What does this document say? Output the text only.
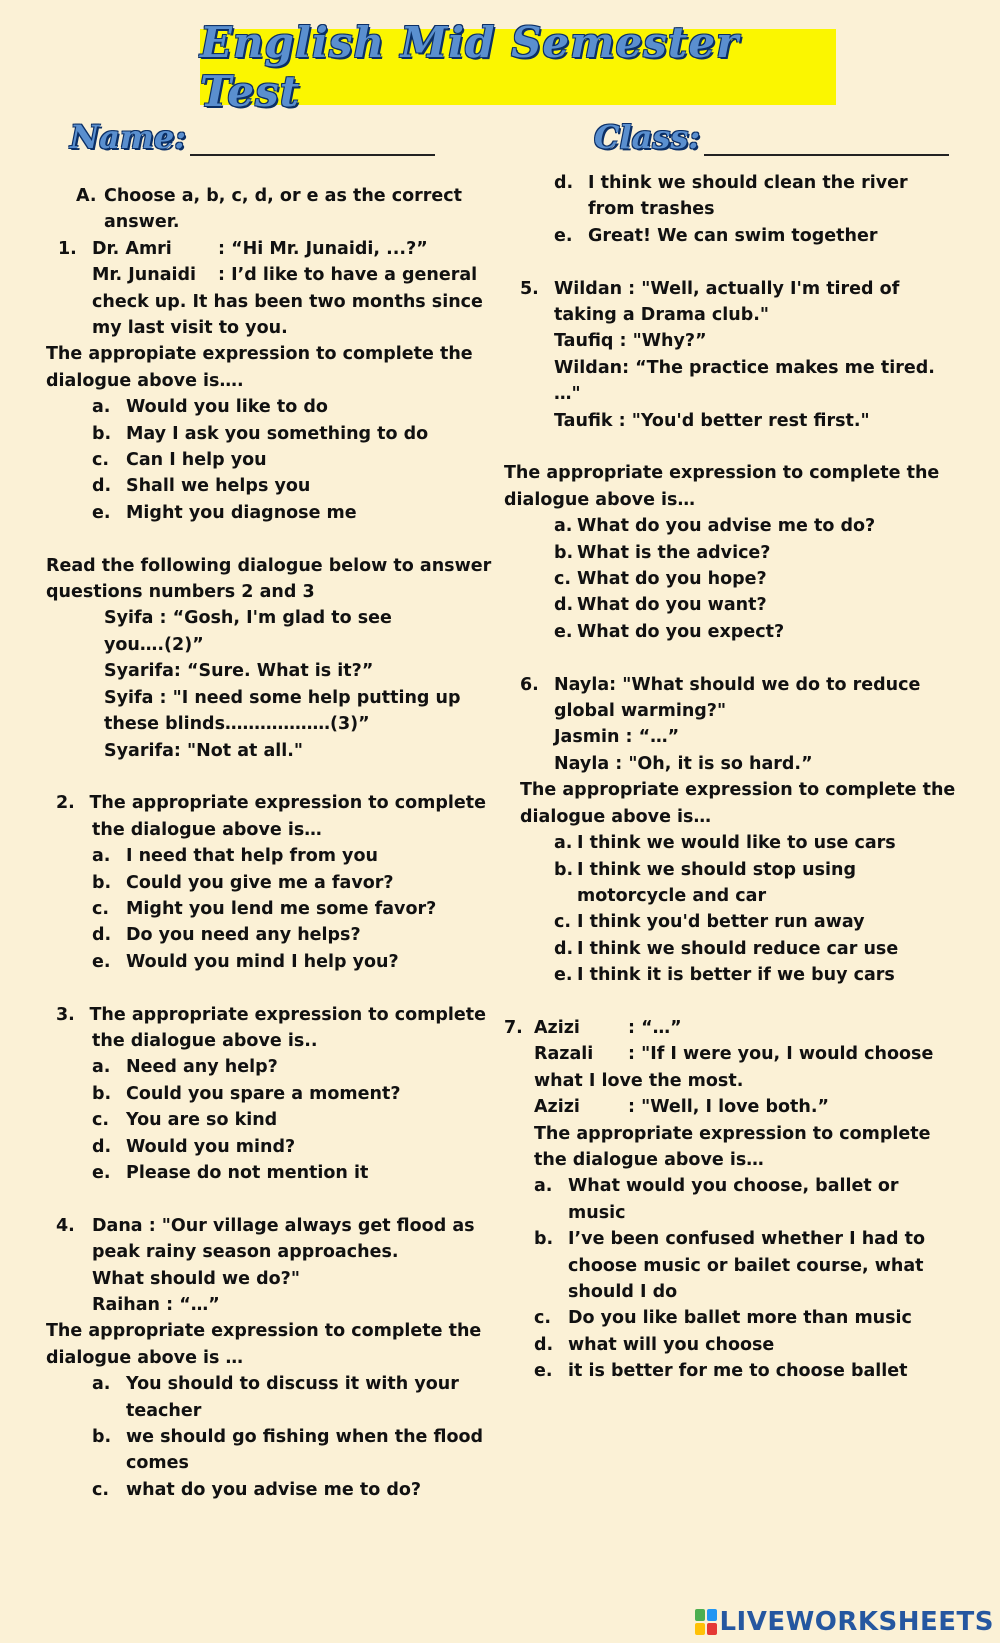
English Mid Semester Test
Name:	Class:
A. Choose a, b, c, d, or e as the correct
answer.
1. Dr. Amri	: “Hi Mr. Junaidi, ...?”
Mr. Junaidi	: I’d like to have a general
check up. It has been two months since
my last visit to you.
The appropiate expression to complete the
dialogue above is….
a. Would you like to do
b. May I ask you something to do
c. Can I help you
d. Shall we helps you
e. Might you diagnose me
Read the following dialogue below to answer
questions numbers 2 and 3
Syifa : “Gosh, I'm glad to see
you….(2)”
Syarifa: “Sure. What is it?”
Syifa : "I need some help putting up
these blinds………………(3)”
Syarifa: "Not at all."
2. The appropriate expression to complete
the dialogue above is…
a. I need that help from you
b. Could you give me a favor?
c. Might you lend me some favor?
d. Do you need any helps?
e. Would you mind I help you?
3. The appropriate expression to complete
the dialogue above is..
a. Need any help?
b. Could you spare a moment?
c. You are so kind
d. Would you mind?
e. Please do not mention it
4. Dana : "Our village always get flood as
peak rainy season approaches.
What should we do?"
Raihan : “…”
The appropriate expression to complete the
dialogue above is …
a. You should to discuss it with your
teacher
b. we should go fishing when the flood
comes
c. what do you advise me to do?
d. I think we should clean the river
from trashes
e. Great! We can swim together
5. Wildan : "Well, actually I'm tired of
taking a Drama club."
Taufiq : "Why?”
Wildan: “The practice makes me tired.
…"
Taufik : "You'd better rest first."
The appropriate expression to complete the
dialogue above is…
a. What do you advise me to do?
b. What is the advice?
c. What do you hope?
d. What do you want?
e. What do you expect?
6. Nayla: "What should we do to reduce
global warming?"
Jasmin : “…”
Nayla : "Oh, it is so hard.”
The appropriate expression to complete the
dialogue above is…
a. I think we would like to use cars
b. I think we should stop using
motorcycle and car
c. I think you'd better run away
d. I think we should reduce car use
e. I think it is better if we buy cars
7. Azizi	: “…”
Razali	: "If I were you, I would choose
what I love the most.
Azizi	: "Well, I love both.”
The appropriate expression to complete
the dialogue above is…
a. What would you choose, ballet or
music
b. I’ve been confused whether I had to
choose music or bailet course, what
should I do
c. Do you like ballet more than music
d. what will you choose
e. it is better for me to choose ballet
LIVEWORKSHEETS
